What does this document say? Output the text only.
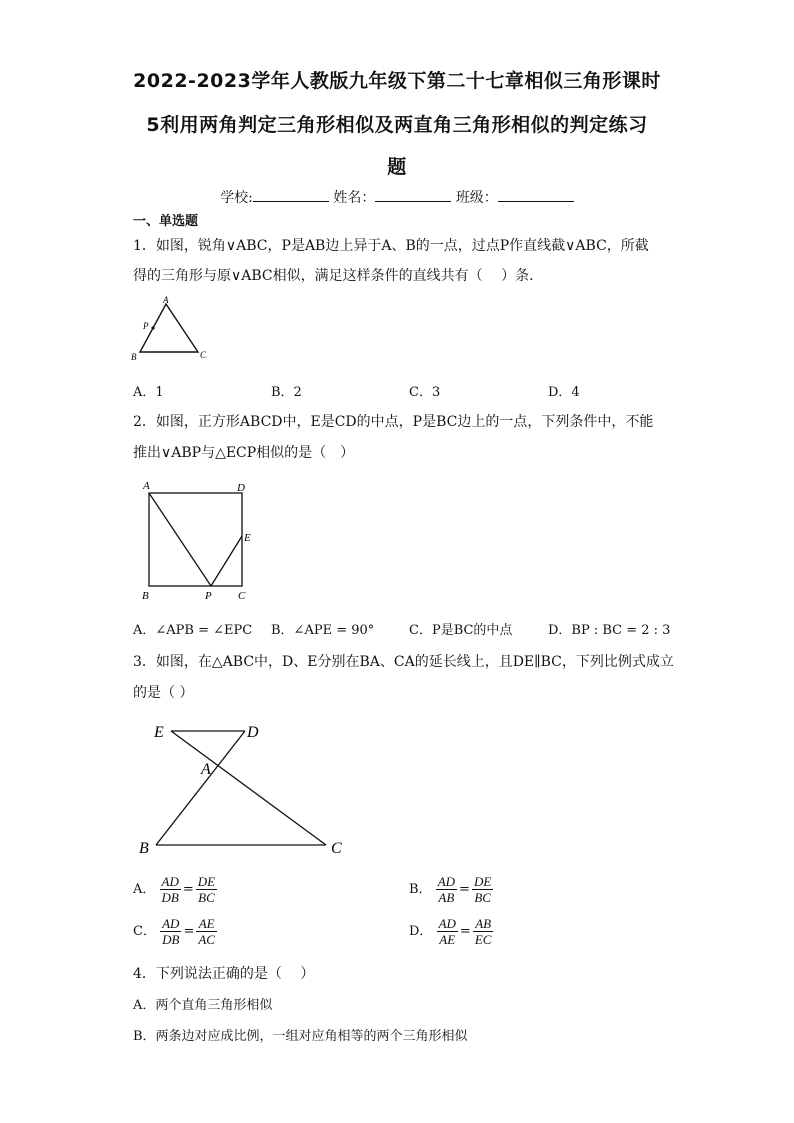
2022-2023学年人教版九年级下第二十七章相似三角形课时
5利用两角判定三角形相似及两直角三角形相似的判定练习
题
学校:	姓名：	班级：
一、单选题
1．如图，锐角∨ABC，P是AB边上异于A、B的一点，过点P作直线截∨ABC，所截
得的三角形与原∨ABC相似，满足这样条件的直线共有（　 ）条．
A
P
B	C
A．1	B．2	C．3	D．4
2．如图，正方形ABCD中，E是CD的中点，P是BC边上的一点，下列条件中，不能
推出∨ABP与△ECP相似的是（　）
A	D
E
B	P C
A．∠APB = ∠EPC B．∠APE = 90°	C．P是BC的中点	D．BP : BC = 2 : 3
3．如图，在△ABC中，D、E分别在BA、CA的延长线上，且DE∥BC，下列比例式成立
的是（ ）
E	D
A
B	C
A． $\frac{AD}{DB} = \frac{DE}{BC}$	B． $\frac{AD}{AB} = \frac{DE}{BC}$
C． $\frac{AD}{DB} = \frac{AE}{AC}$	D． $\frac{AD}{AE} = \frac{AB}{EC}$
4．下列说法正确的是（　 ）
A．两个直角三角形相似
B．两条边对应成比例，一组对应角相等的两个三角形相似
